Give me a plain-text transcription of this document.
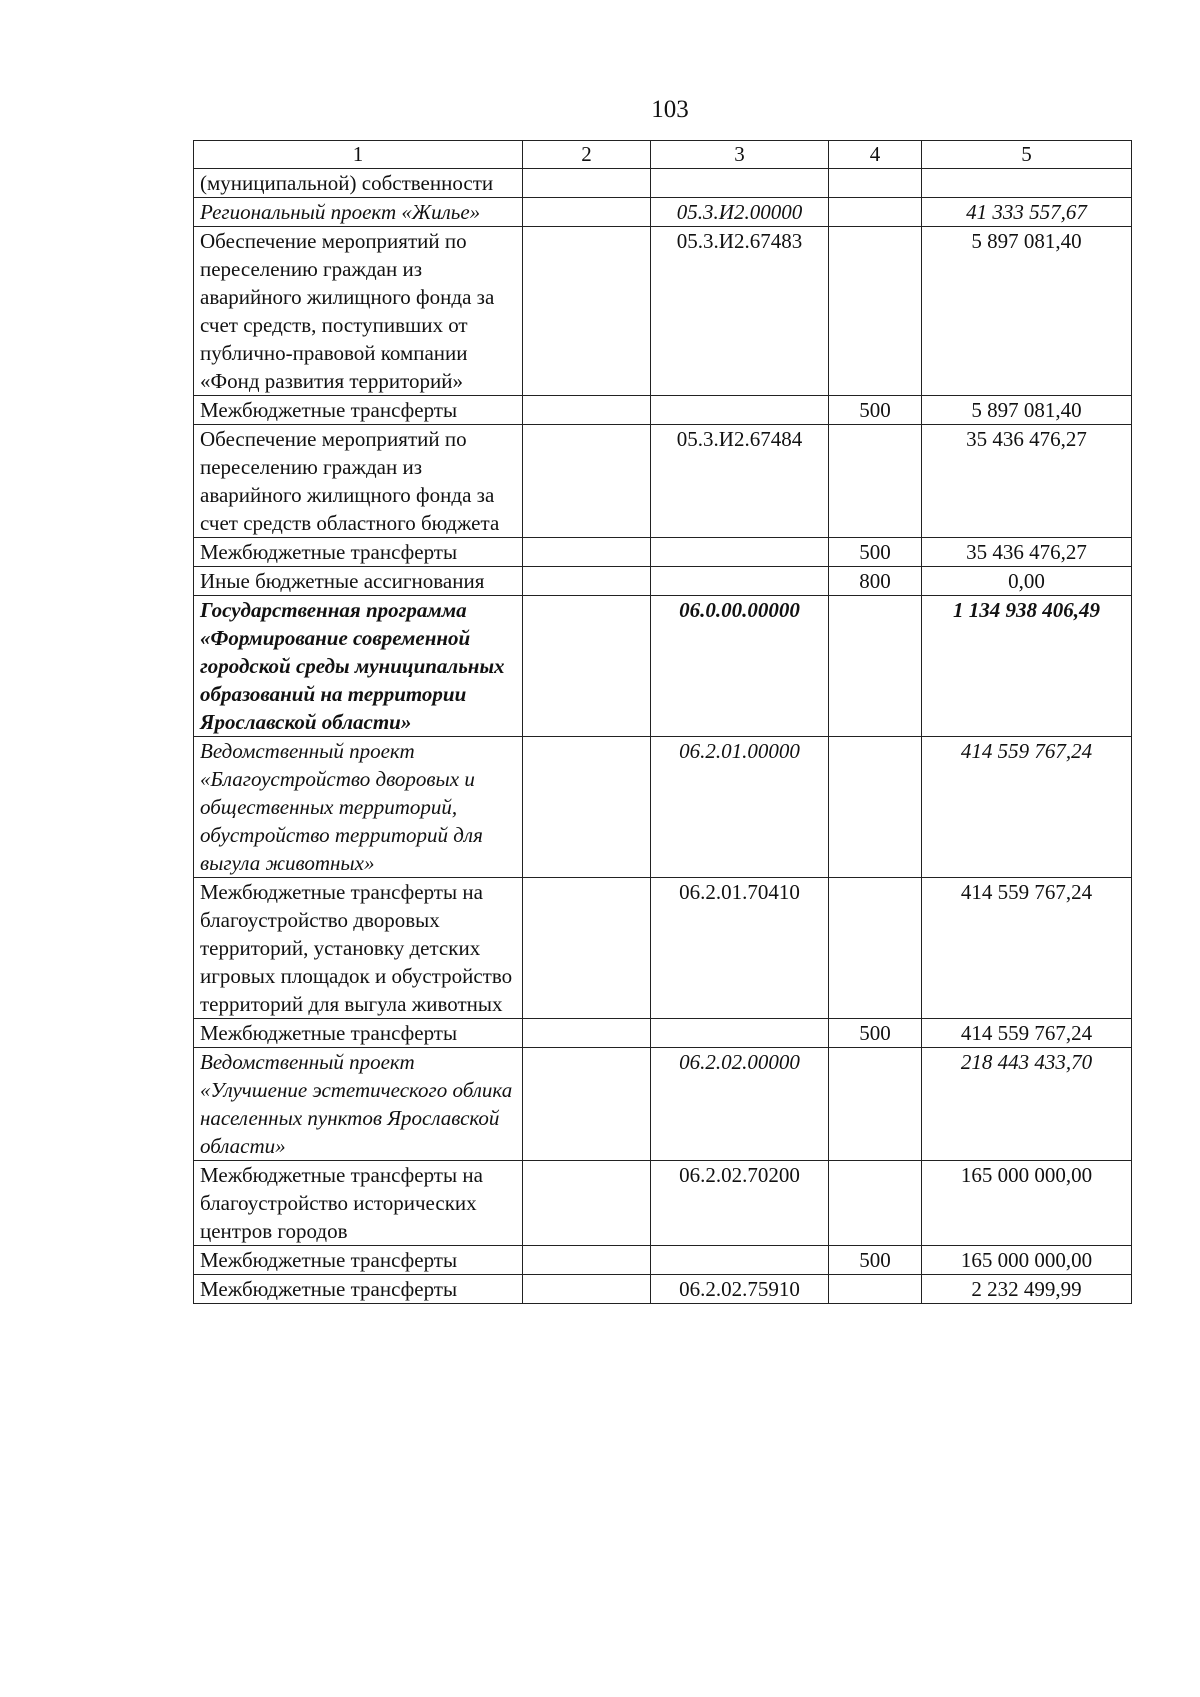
103
1	2	3	4	5
(муниципальной) собственности				
Региональный проект «Жилье»		05.3.И2.00000		41 333 557,67
Обеспечение мероприятий по переселению граждан из аварийного жилищного фонда за счет средств, поступивших от публично-правовой компании «Фонд развития территорий»		05.3.И2.67483		5 897 081,40
Межбюджетные трансферты			500	5 897 081,40
Обеспечение мероприятий по переселению граждан из аварийного жилищного фонда за счет средств областного бюджета		05.3.И2.67484		35 436 476,27
Межбюджетные трансферты			500	35 436 476,27
Иные бюджетные ассигнования			800	0,00
Государственная программа «Формирование современной городской среды муниципальных образований на территории Ярославской области»		06.0.00.00000		1 134 938 406,49
Ведомственный проект «Благоустройство дворовых и общественных территорий, обустройство территорий для выгула животных»		06.2.01.00000		414 559 767,24
Межбюджетные трансферты на благоустройство дворовых территорий, установку детских игровых площадок и обустройство территорий для выгула животных		06.2.01.70410		414 559 767,24
Межбюджетные трансферты			500	414 559 767,24
Ведомственный проект «Улучшение эстетического облика населенных пунктов Ярославской области»		06.2.02.00000		218 443 433,70
Межбюджетные трансферты на благоустройство исторических центров городов		06.2.02.70200		165 000 000,00
Межбюджетные трансферты			500	165 000 000,00
Межбюджетные трансферты		06.2.02.75910		2 232 499,99
